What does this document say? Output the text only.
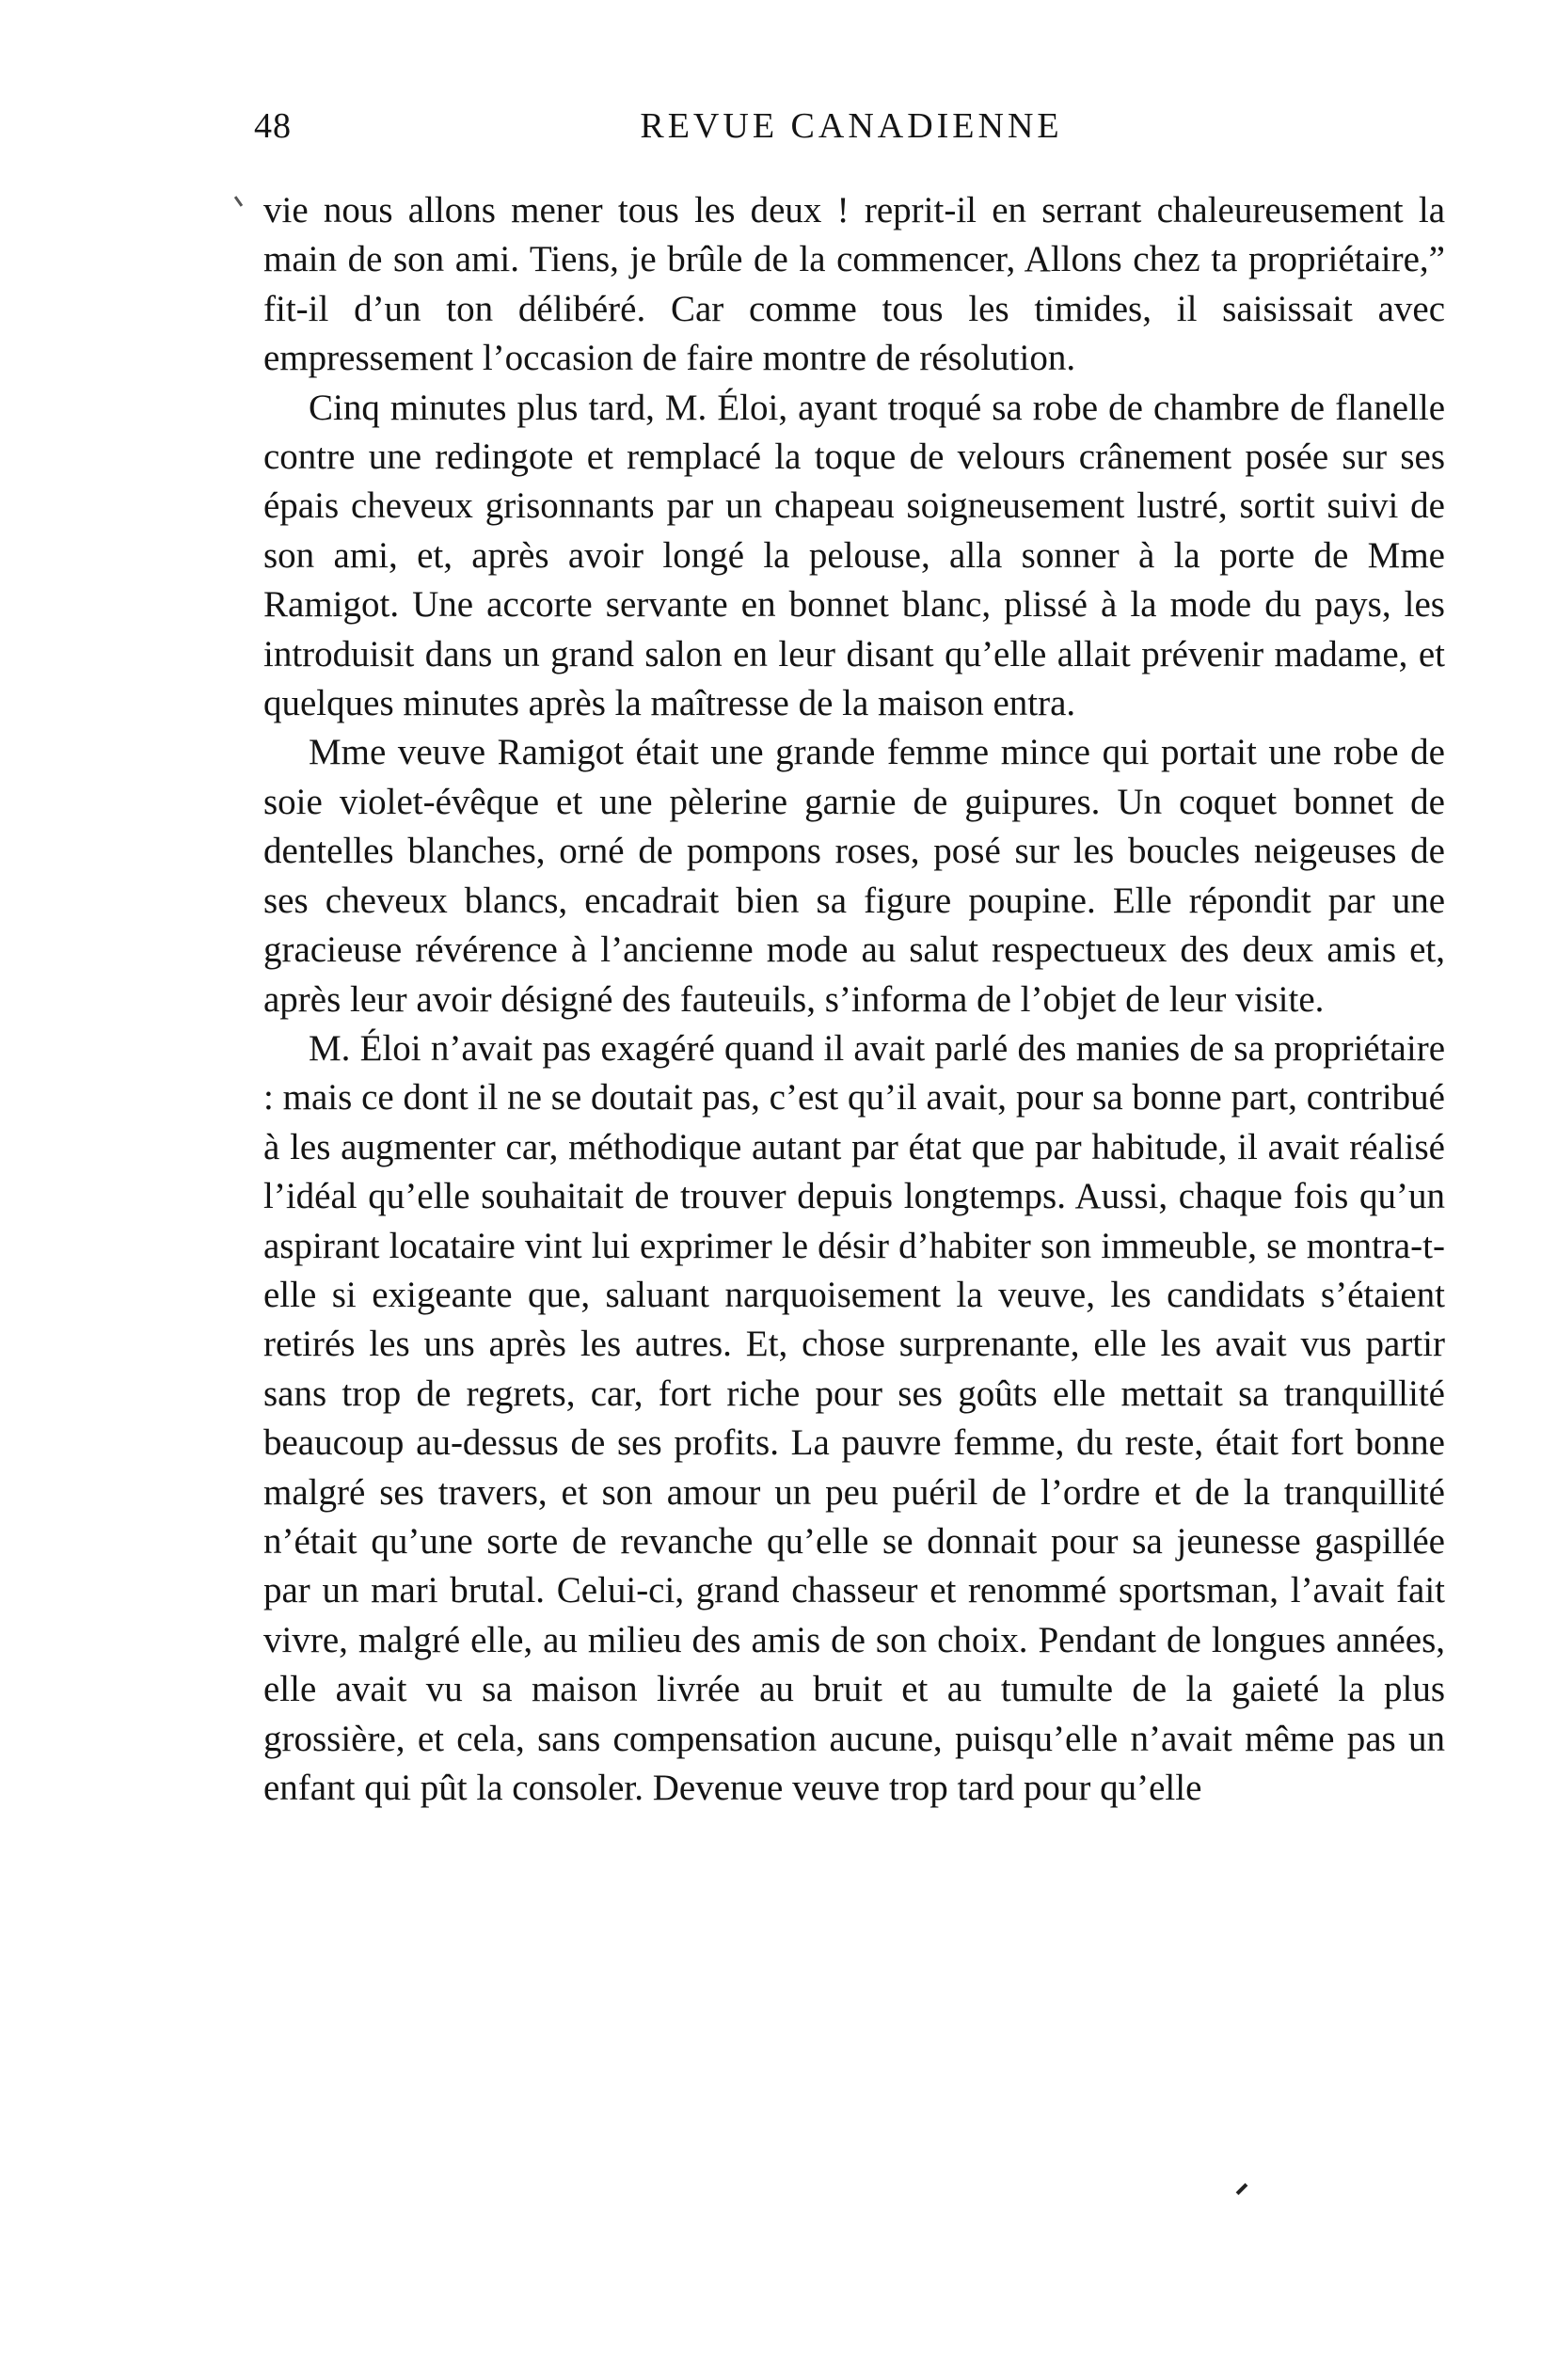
48	REVUE CANADIENNE

vie nous allons mener tous les deux ! reprit-il en serrant chaleureusement la main de son ami. Tiens, je brûle de la commencer, Allons chez ta propriétaire,” fit-il d’un ton délibéré. Car comme tous les timides, il saisissait avec empressement l’occasion de faire montre de résolution.

Cinq minutes plus tard, M. Éloi, ayant troqué sa robe de chambre de flanelle contre une redingote et remplacé la toque de velours crânement posée sur ses épais cheveux grisonnants par un chapeau soigneusement lustré, sortit suivi de son ami, et, après avoir longé la pelouse, alla sonner à la porte de Mme Ramigot. Une accorte servante en bonnet blanc, plissé à la mode du pays, les introduisit dans un grand salon en leur disant qu’elle allait prévenir madame, et quelques minutes après la maîtresse de la maison entra.

Mme veuve Ramigot était une grande femme mince qui portait une robe de soie violet-évêque et une pèlerine garnie de guipures. Un coquet bonnet de dentelles blanches, orné de pompons roses, posé sur les boucles neigeuses de ses cheveux blancs, encadrait bien sa figure poupine. Elle répondit par une gracieuse révérence à l’ancienne mode au salut respectueux des deux amis et, après leur avoir désigné des fauteuils, s’informa de l’objet de leur visite.

M. Éloi n’avait pas exagéré quand il avait parlé des manies de sa propriétaire : mais ce dont il ne se doutait pas, c’est qu’il avait, pour sa bonne part, contribué à les augmenter car, méthodique autant par état que par habitude, il avait réalisé l’idéal qu’elle souhaitait de trouver depuis longtemps. Aussi, chaque fois qu’un aspirant locataire vint lui exprimer le désir d’habiter son immeuble, se montra-t-elle si exigeante que, saluant narquoisement la veuve, les candidats s’étaient retirés les uns après les autres. Et, chose surprenante, elle les avait vus partir sans trop de regrets, car, fort riche pour ses goûts elle mettait sa tranquillité beaucoup au-dessus de ses profits. La pauvre femme, du reste, était fort bonne malgré ses travers, et son amour un peu puéril de l’ordre et de la tranquillité n’était qu’une sorte de revanche qu’elle se donnait pour sa jeunesse gaspillée par un mari brutal. Celui-ci, grand chasseur et renommé sportsman, l’avait fait vivre, malgré elle, au milieu des amis de son choix. Pendant de longues années, elle avait vu sa maison livrée au bruit et au tumulte de la gaieté la plus grossière, et cela, sans compensation aucune, puisqu’elle n’avait même pas un enfant qui pût la consoler. Devenue veuve trop tard pour qu’elle
